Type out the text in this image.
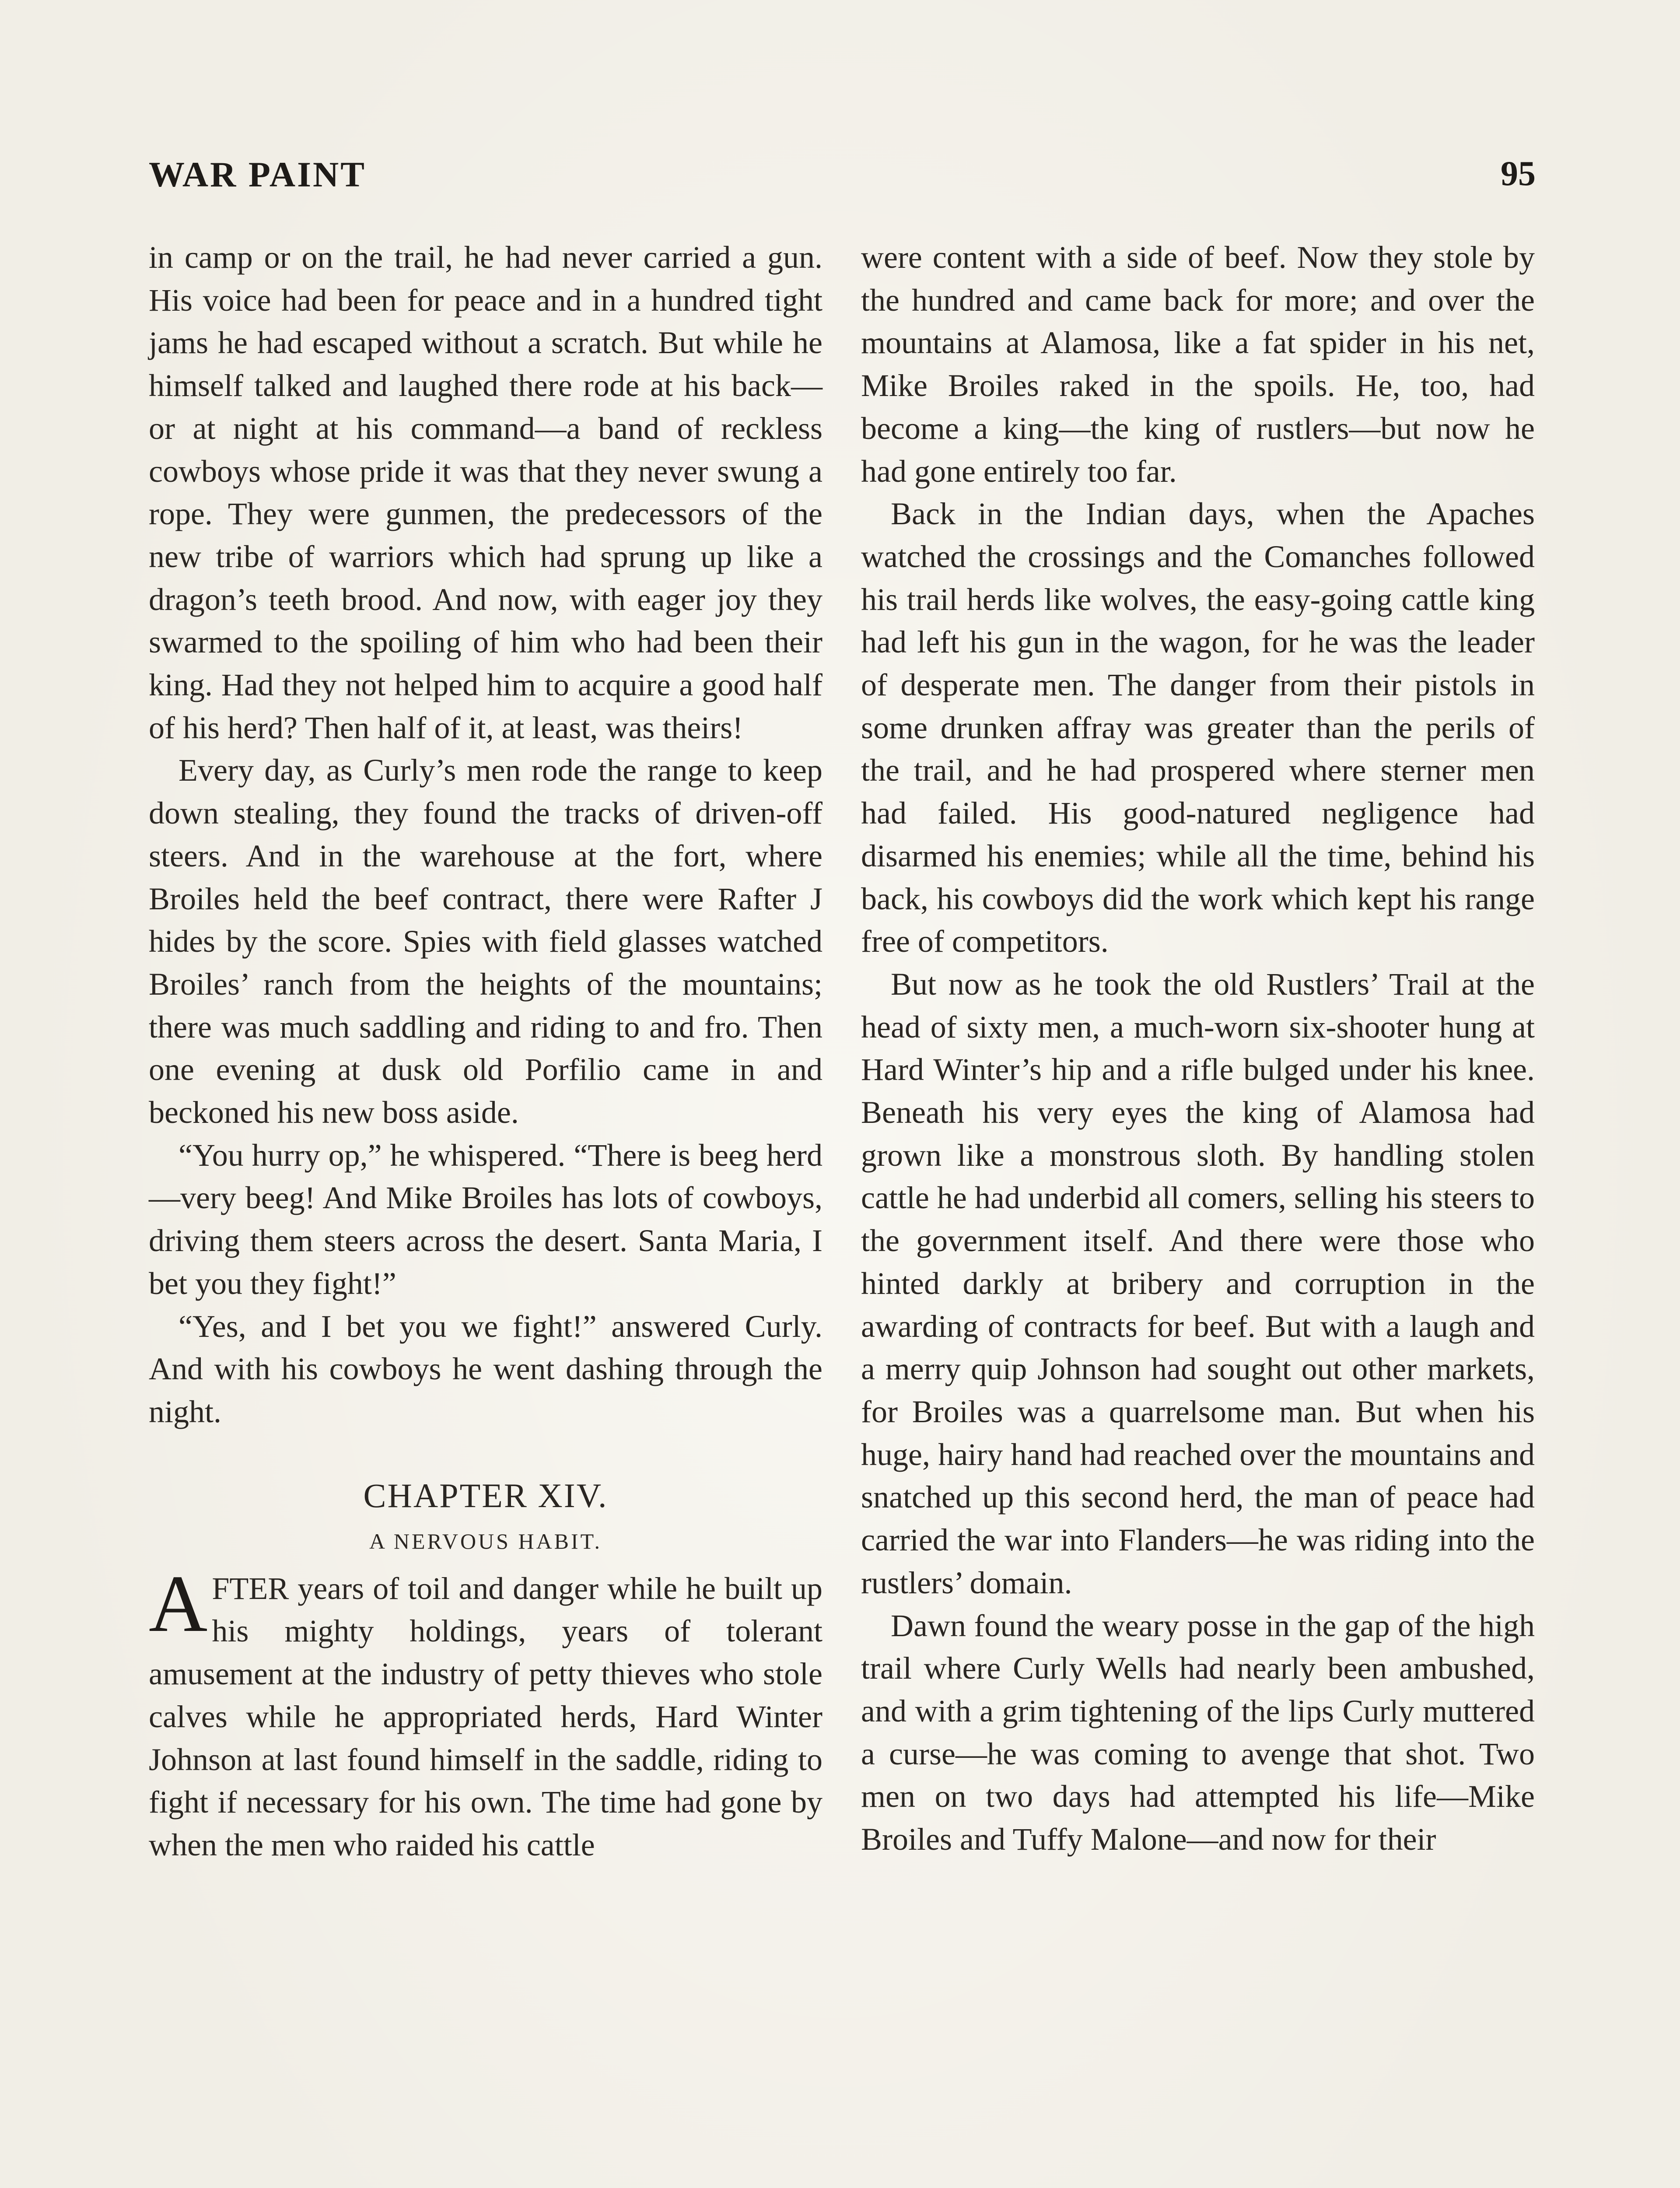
WAR PAINT	95

in camp or on the trail, he had never carried a gun. His voice had been for peace and in a hundred tight jams he had escaped without a scratch. But while he himself talked and laughed there rode at his back—or at night at his command—a band of reckless cowboys whose pride it was that they never swung a rope. They were gunmen, the predecessors of the new tribe of warriors which had sprung up like a dragon’s teeth brood. And now, with eager joy they swarmed to the spoiling of him who had been their king. Had they not helped him to acquire a good half of his herd? Then half of it, at least, was theirs!

Every day, as Curly’s men rode the range to keep down stealing, they found the tracks of driven-off steers. And in the warehouse at the fort, where Broiles held the beef contract, there were Rafter J hides by the score. Spies with field glasses watched Broiles’ ranch from the heights of the mountains; there was much saddling and riding to and fro. Then one evening at dusk old Porfilio came in and beckoned his new boss aside.

“You hurry op,” he whispered. “There is beeg herd—very beeg! And Mike Broiles has lots of cowboys, driving them steers across the desert. Santa Maria, I bet you they fight!”

“Yes, and I bet you we fight!” answered Curly. And with his cowboys he went dashing through the night.

CHAPTER XIV.
A NERVOUS HABIT.

AFTER years of toil and danger while he built up his mighty holdings, years of tolerant amusement at the industry of petty thieves who stole calves while he appropriated herds, Hard Winter Johnson at last found himself in the saddle, riding to fight if necessary for his own. The time had gone by when the men who raided his cattle

were content with a side of beef. Now they stole by the hundred and came back for more; and over the mountains at Alamosa, like a fat spider in his net, Mike Broiles raked in the spoils. He, too, had become a king—the king of rustlers—but now he had gone entirely too far.

Back in the Indian days, when the Apaches watched the crossings and the Comanches followed his trail herds like wolves, the easy-going cattle king had left his gun in the wagon, for he was the leader of desperate men. The danger from their pistols in some drunken affray was greater than the perils of the trail, and he had prospered where sterner men had failed. His good-natured negligence had disarmed his enemies; while all the time, behind his back, his cowboys did the work which kept his range free of competitors.

But now as he took the old Rustlers’ Trail at the head of sixty men, a much-worn six-shooter hung at Hard Winter’s hip and a rifle bulged under his knee. Beneath his very eyes the king of Alamosa had grown like a monstrous sloth. By handling stolen cattle he had underbid all comers, selling his steers to the government itself. And there were those who hinted darkly at bribery and corruption in the awarding of contracts for beef. But with a laugh and a merry quip Johnson had sought out other markets, for Broiles was a quarrelsome man. But when his huge, hairy hand had reached over the mountains and snatched up this second herd, the man of peace had carried the war into Flanders—he was riding into the rustlers’ domain.

Dawn found the weary posse in the gap of the high trail where Curly Wells had nearly been ambushed, and with a grim tightening of the lips Curly muttered a curse—he was coming to avenge that shot. Two men on two days had attempted his life—Mike Broiles and Tuffy Malone—and now for their
